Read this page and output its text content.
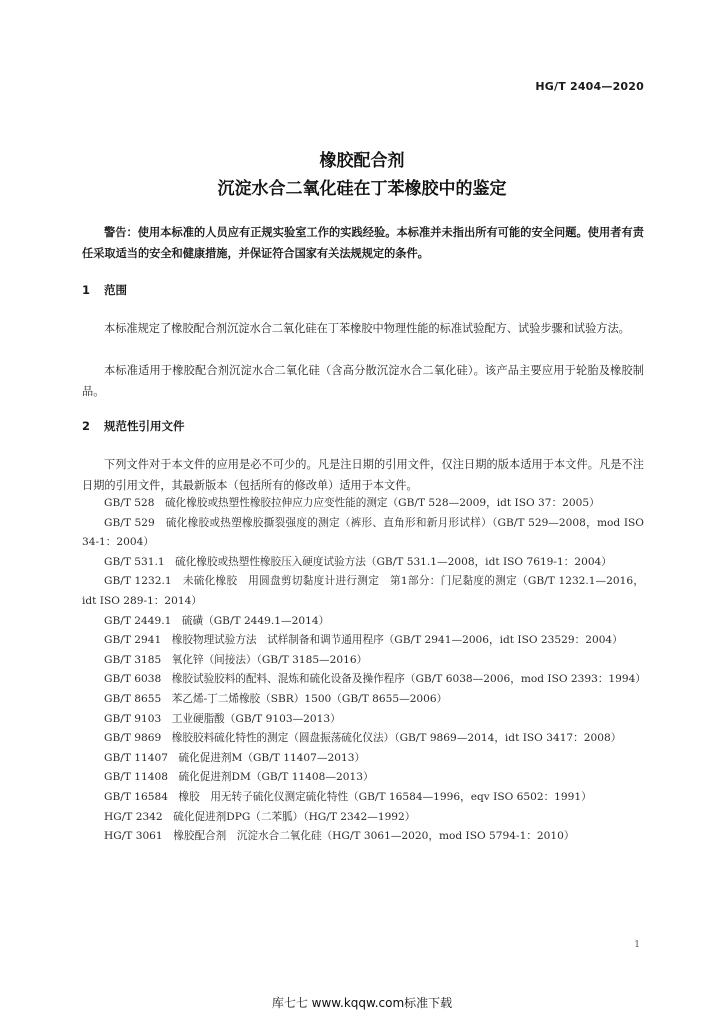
HG/T 2404—2020
橡胶配合剂
沉淀水合二氧化硅在丁苯橡胶中的鉴定
警告：使用本标准的人员应有正规实验室工作的实践经验。本标准并未指出所有可能的安全问题。使用者有责任采取适当的安全和健康措施，并保证符合国家有关法规规定的条件。
1 范围
本标准规定了橡胶配合剂沉淀水合二氧化硅在丁苯橡胶中物理性能的标准试验配方、试验步骤和试验方法。
本标准适用于橡胶配合剂沉淀水合二氧化硅（含高分散沉淀水合二氧化硅）。该产品主要应用于轮胎及橡胶制品。
2 规范性引用文件
下列文件对于本文件的应用是必不可少的。凡是注日期的引用文件，仅注日期的版本适用于本文件。凡是不注日期的引用文件，其最新版本（包括所有的修改单）适用于本文件。

GB/T 528　硫化橡胶或热塑性橡胶拉伸应力应变性能的测定（GB/T 528—2009，idt ISO 37：2005）

GB/T 529　硫化橡胶或热塑橡胶撕裂强度的测定（裤形、直角形和新月形试样）（GB/T 529—2008，mod ISO 34-1：2004）

GB/T 531.1　硫化橡胶或热塑性橡胶压入硬度试验方法（GB/T 531.1—2008，idt ISO 7619-1：2004）

GB/T 1232.1　未硫化橡胶　用圆盘剪切黏度计进行测定　第1部分：门尼黏度的测定（GB/T 1232.1—2016，idt ISO 289-1：2014）

GB/T 2449.1　硫磺（GB/T 2449.1—2014）

GB/T 2941　橡胶物理试验方法　试样制备和调节通用程序（GB/T 2941—2006，idt ISO 23529：2004）

GB/T 3185　氧化锌（间接法）（GB/T 3185—2016）

GB/T 6038　橡胶试验胶料的配料、混炼和硫化设备及操作程序（GB/T 6038—2006，mod ISO 2393：1994）

GB/T 8655　苯乙烯-丁二烯橡胶（SBR）1500（GB/T 8655—2006）

GB/T 9103　工业硬脂酸（GB/T 9103—2013）

GB/T 9869　橡胶胶料硫化特性的测定（圆盘振荡硫化仪法）（GB/T 9869—2014，idt ISO 3417：2008）

GB/T 11407　硫化促进剂M（GB/T 11407—2013）

GB/T 11408　硫化促进剂DM（GB/T 11408—2013）

GB/T 16584　橡胶　用无转子硫化仪测定硫化特性（GB/T 16584—1996，eqv ISO 6502：1991）

HG/T 2342　硫化促进剂DPG（二苯胍）（HG/T 2342—1992）

HG/T 3061　橡胶配合剂　沉淀水合二氧化硅（HG/T 3061—2020，mod ISO 5794-1：2010）

1
库七七 www.kqqw.com标准下载
